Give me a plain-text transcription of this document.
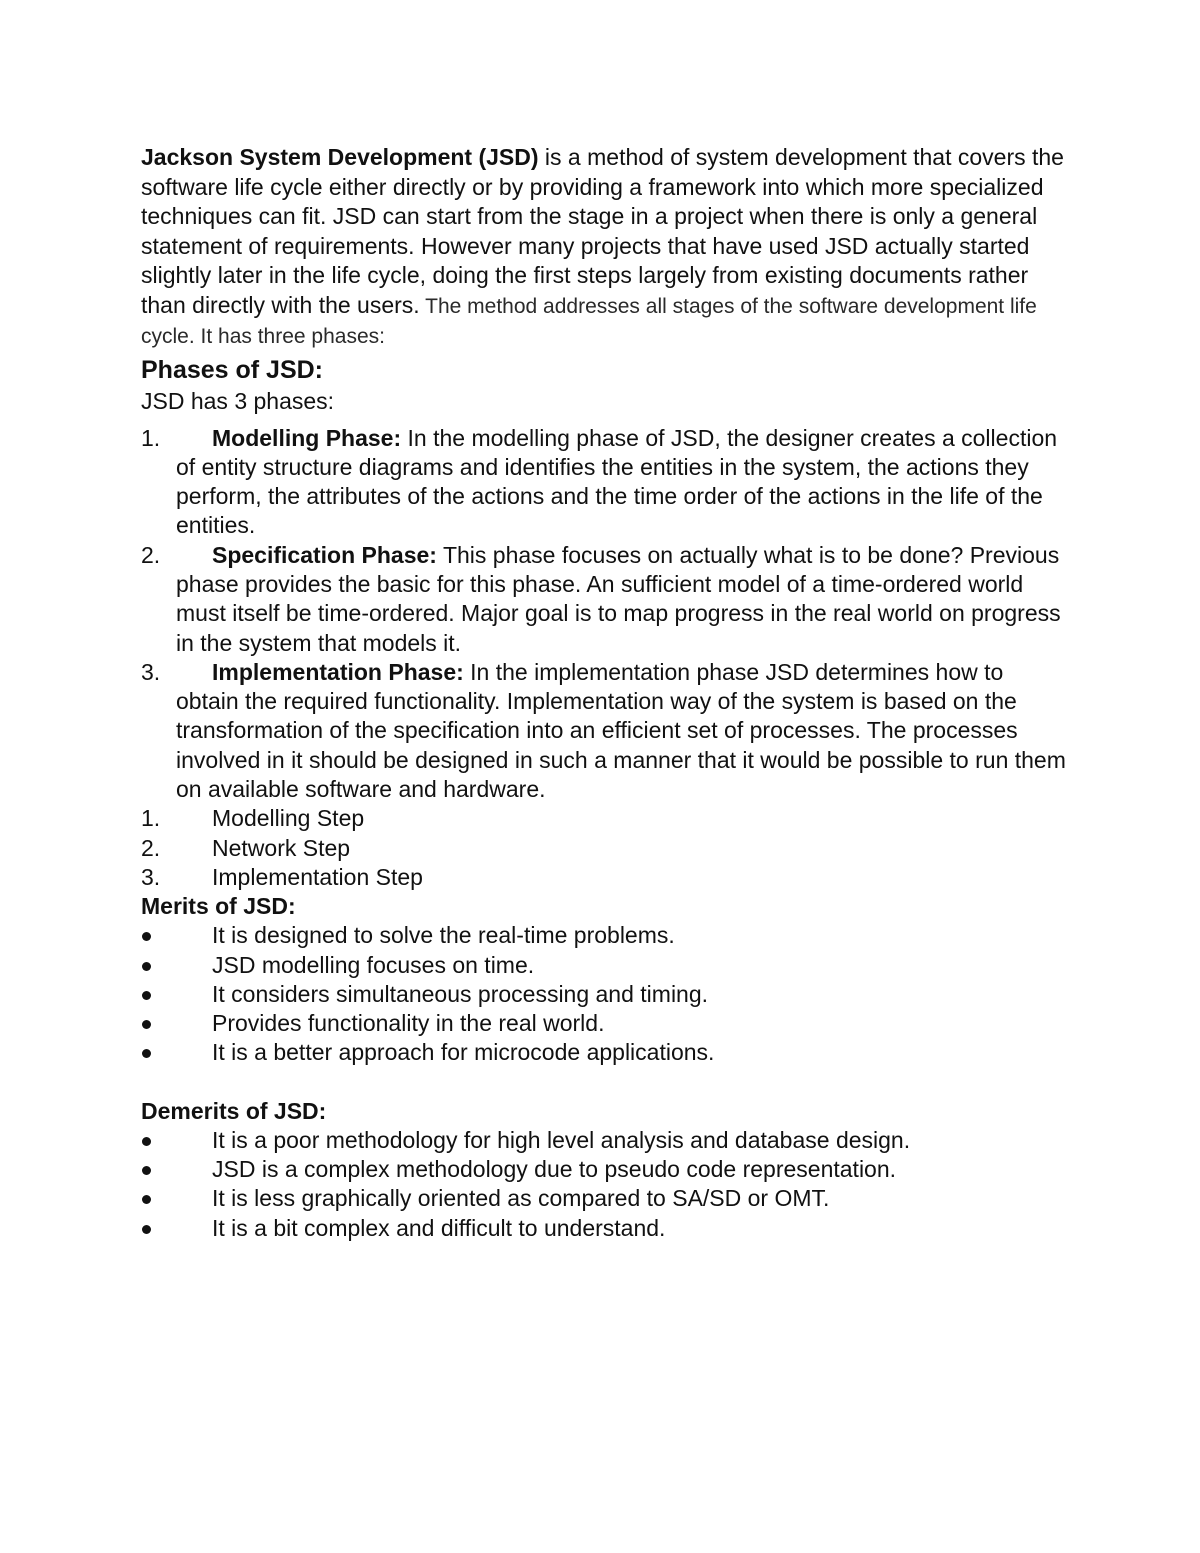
Jackson System Development (JSD) is a method of system development that covers the software life cycle either directly or by providing a framework into which more specialized techniques can fit. JSD can start from the stage in a project when there is only a general statement of requirements. However many projects that have used JSD actually started slightly later in the life cycle, doing the first steps largely from existing documents rather than directly with the users. The method addresses all stages of the software development life cycle. It has three phases:

Phases of JSD:
JSD has 3 phases:
1.	Modelling Phase: In the modelling phase of JSD, the designer creates a collection of entity structure diagrams and identifies the entities in the system, the actions they perform, the attributes of the actions and the time order of the actions in the life of the entities.
2.	Specification Phase: This phase focuses on actually what is to be done? Previous phase provides the basic for this phase. An sufficient model of a time-ordered world must itself be time-ordered. Major goal is to map progress in the real world on progress in the system that models it.
3.	Implementation Phase: In the implementation phase JSD determines how to obtain the required functionality. Implementation way of the system is based on the transformation of the specification into an efficient set of processes. The processes involved in it should be designed in such a manner that it would be possible to run them on available software and hardware.
1.	Modelling Step
2.	Network Step
3.	Implementation Step
Merits of JSD:
It is designed to solve the real-time problems.
JSD modelling focuses on time.
It considers simultaneous processing and timing.
Provides functionality in the real world.
It is a better approach for microcode applications.
Demerits of JSD:
It is a poor methodology for high level analysis and database design.
JSD is a complex methodology due to pseudo code representation.
It is less graphically oriented as compared to SA/SD or OMT.
It is a bit complex and difficult to understand.
